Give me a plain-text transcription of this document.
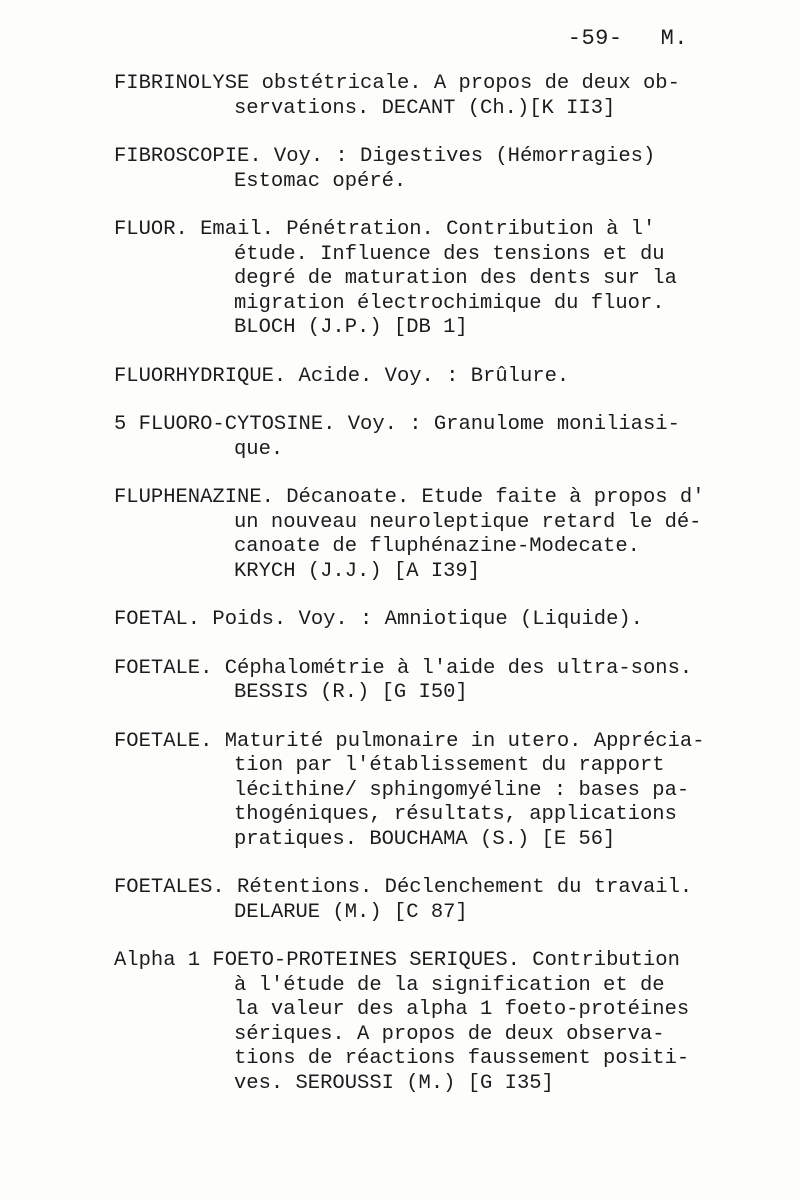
-59- M.
FIBRINOLYSE obstétricale. A propos de deux ob-
servations. DECANT (Ch.)[K II3]
FIBROSCOPIE. Voy. : Digestives (Hémorragies)
Estomac opéré.
FLUOR. Email. Pénétration. Contribution à l'
étude. Influence des tensions et du
degré de maturation des dents sur la
migration électrochimique du fluor.
BLOCH (J.P.) [DB 1]
FLUORHYDRIQUE. Acide. Voy. : Brûlure.
5 FLUORO-CYTOSINE. Voy. : Granulome moniliasi-
que.
FLUPHENAZINE. Décanoate. Etude faite à propos d'
un nouveau neuroleptique retard le dé-
canoate de fluphénazine-Modecate.
KRYCH (J.J.) [A I39]
FOETAL. Poids. Voy. : Amniotique (Liquide).
FOETALE. Céphalométrie à l'aide des ultra-sons.
BESSIS (R.) [G I50]
FOETALE. Maturité pulmonaire in utero. Apprécia-
tion par l'établissement du rapport
lécithine/ sphingomyéline : bases pa-
thogéniques, résultats, applications
pratiques. BOUCHAMA (S.) [E 56]
FOETALES. Rétentions. Déclenchement du travail.
DELARUE (M.) [C 87]
Alpha 1 FOETO-PROTEINES SERIQUES. Contribution
à l'étude de la signification et de
la valeur des alpha 1 foeto-protéines
sériques. A propos de deux observa-
tions de réactions faussement positi-
ves. SEROUSSI (M.) [G I35]
